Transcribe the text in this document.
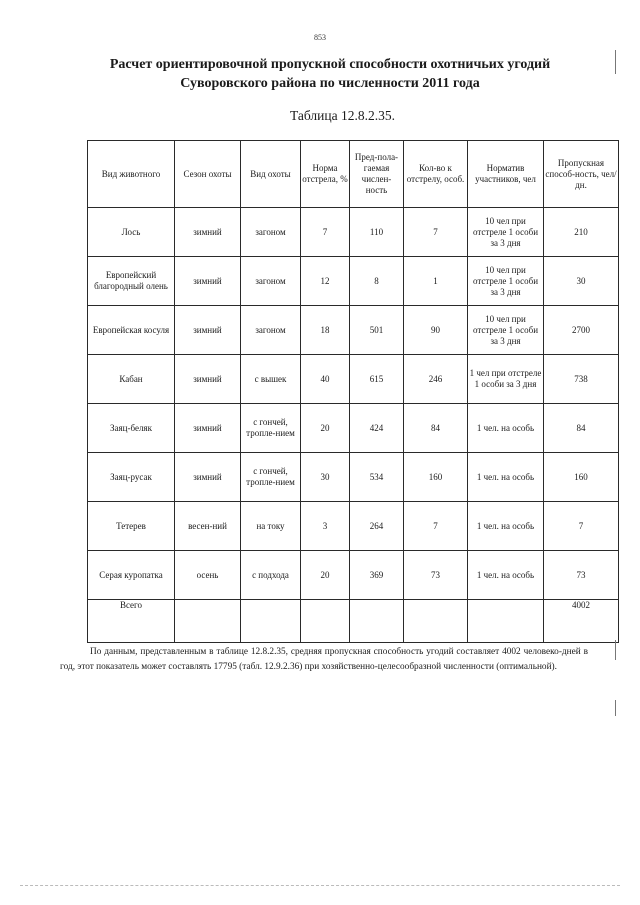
853
Расчет ориентировочной пропускной способности охотничьих угодий
Суворовского района по численности 2011 года
Таблица 12.8.2.35.
Вид животного	Сезон охоты	Вид охоты	Норма отстрела, %	Пред-пола-гаемая числен-ность	Кол-во к отстрелу, особ.	Норматив участников, чел	Пропускная способ-ность, чел/дн.
Лось	зимний	загоном	7	110	7	10 чел при отстреле 1 особи за 3 дня	210
Европейский благородный олень	зимний	загоном	12	8	1	10 чел при отстреле 1 особи за 3 дня	30
Европейская косуля	зимний	загоном	18	501	90	10 чел при отстреле 1 особи за 3 дня	2700
Кабан	зимний	с вышек	40	615	246	1 чел при отстреле 1 особи за 3 дня	738
Заяц-беляк	зимний	с гончей, тропле-нием	20	424	84	1 чел. на особь	84
Заяц-русак	зимний	с гончей, тропле-нием	30	534	160	1 чел. на особь	160
Тетерев	весен-ний	на току	3	264	7	1 чел. на особь	7
Серая куропатка	осень	с подхода	20	369	73	1 чел. на особь	73
Всего							4002
По данным, представленным в таблице 12.8.2.35, средняя пропускная способность угодий составляет 4002 человеко-дней в год, этот показатель может составлять 17795 (табл. 12.9.2.36) при хозяйственно-целесообразной численности (оптимальной).
